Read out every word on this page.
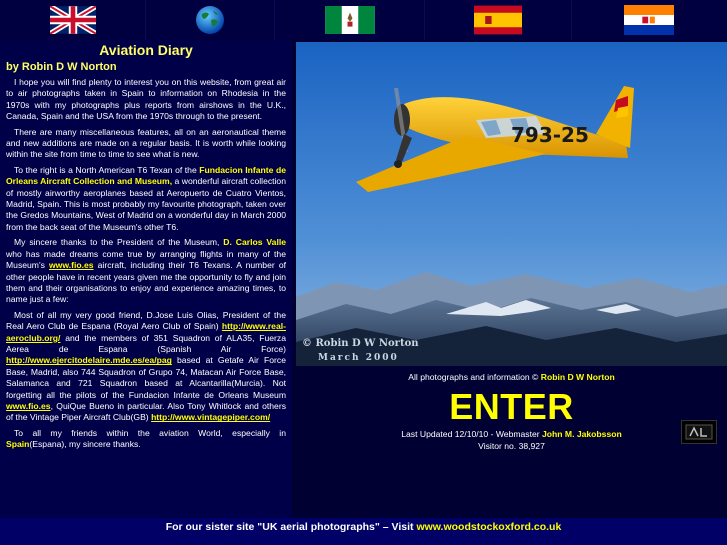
Aviation Diary
by Robin D W Norton

I hope you will find plenty to interest you on this website, from great air to air photographs taken in Spain to information on Rhodesia in the 1970s with my photographs plus reports from airshows in the U.K., Canada, Spain and the USA from the 1970s through to the present.

There are many miscellaneous features, all on an aeronautical theme and new additions are made on a regular basis. It is worth while looking within the site from time to time to see what is new.

To the right is a North American T6 Texan of the Fundacion Infante de Orleans Aircraft Collection and Museum, a wonderful aircraft collection of mostly airworthy aeroplanes based at Aeropuerto de Cuatro Vientos, Madrid, Spain. This is most probably my favourite photograph, taken over the Gredos Mountains, West of Madrid on a wonderful day in March 2000 from the back seat of the Museum's other T6.

My sincere thanks to the President of the Museum, D. Carlos Valle who has made dreams come true by arranging flights in many of the Museum's www.fio.es aircraft, including their T6 Texans. A number of other people have in recent years given me the opportunity to fly and join them and their organisations to enjoy and experience amazing times, to name just a few:

Most of all my very good friend, D.Jose Luis Olias, President of the Real Aero Club de Espana (Royal Aero Club of Spain) http://www.real-aeroclub.org/ and the members of 351 Squadron of ALA35, Fuerza Aerea de Espana (Spanish Air Force) http://www.ejercitodelaire.mde.es/ea/pag based at Getafe Air Force Base, Madrid, also 744 Squadron of Grupo 74, Matacan Air Force Base, Salamanca and 721 Squadron based at Alcantarilla(Murcia). Not forgetting all the pilots of the Fundacion Infante de Orleans Museum www.fio.es, QuiQue Bueno in particular. Also Tony Whitlock and others of the Vintage Piper Aircraft Club(GB) http://www.vintagepiper.com/

To all my friends within the aviation World, especially in Spain(Espana), my sincere thanks.

793-25
© Robin D W Norton
March 2000
All photographs and information © Robin D W Norton
ENTER
Last Updated 12/10/10 - Webmaster John M. Jakobsson
Visitor no. 38,927
For our sister site "UK aerial photographs" – Visit www.woodstockoxford.co.uk
